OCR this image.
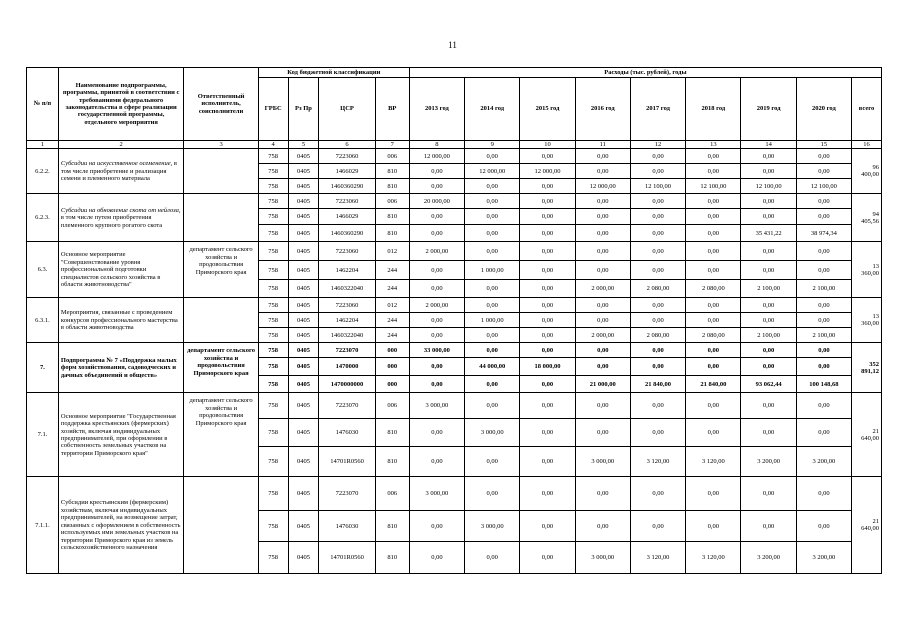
11
№ п/п	Наименование подпрограммы, программы, принятой в соответствии с требованиями федерального законодательства в сфере реализации государственной программы, отдельного мероприятия	Ответственный исполнитель, соисполнители	Код бюджетной классификации				Расходы (тыс. рублей), годы								
			ГРБС	Рз Пр	ЦСР	ВР	2013 год	2014 год	2015 год	2016 год	2017 год	2018 год	2019 год	2020 год	всего
1	2	3	4	5	6	7	8	9	10	11	12	13	14	15	16
6.2.2.	Субсидии на искусственное осеменение, в том числе приобретение и реализация семени и племенного материала		758	0405	7223060	006	12 000,00	0,00	0,00	0,00	0,00	0,00	0,00	0,00	96 400,00
			758	0405	1466029	810	0,00	12 000,00	12 000,00	0,00	0,00	0,00	0,00	0,00	
			758	0405	1460360290	810	0,00	0,00	0,00	12 000,00	12 100,00	12 100,00	12 100,00	12 100,00	
6.2.3.	Субсидии на обновление скота от нейлоза, в том числе путем приобретения племенного крупного рогатого скота		758	0405	7223060	006	20 000,00	0,00	0,00	0,00	0,00	0,00	0,00	0,00	94 405,56
			758	0405	1466029	810	0,00	0,00	0,00	0,00	0,00	0,00	0,00	0,00	
			758	0405	1460360290	810	0,00	0,00	0,00	0,00	0,00	0,00	35 431,22	38 974,34	
6.3.	Основное мероприятие "Совершенствование уровня профессиональной подготовки специалистов сельского хозяйства в области животноводства"	департамент сельского хозяйства и продовольствия Приморского края	758	0405	7223060	012	2 000,00	0,00	0,00	0,00	0,00	0,00	0,00	0,00	13 360,00
			758	0405	1462204	244	0,00	1 000,00	0,00	0,00	0,00	0,00	0,00	0,00	
			758	0405	1460322040	244	0,00	0,00	0,00	2 000,00	2 080,00	2 080,00	2 100,00	2 100,00	
6.3.1.	Мероприятия, связанные с проведением конкурсов профессионального мастерства в области животноводства		758	0405	7223060	012	2 000,00	0,00	0,00	0,00	0,00	0,00	0,00	0,00	13 360,00
			758	0405	1462204	244	0,00	1 000,00	0,00	0,00	0,00	0,00	0,00	0,00	
			758	0405	1460322040	244	0,00	0,00	0,00	2 000,00	2 080,00	2 080,00	2 100,00	2 100,00	
7.	Подпрограмма № 7 «Поддержка малых форм хозяйствования, садоводческих и дачных объединений и обществ»	департамент сельского хозяйства и продовольствия Приморского края	758	0405	7223070	000	33 000,00	0,00	0,00	0,00	0,00	0,00	0,00	0,00	352 891,12
			758	0405	1470000	000	0,00	44 000,00	18 000,00	0,00	0,00	0,00	0,00	0,00	
			758	0405	1470000000	000	0,00	0,00	0,00	21 000,00	21 840,00	21 840,00	93 062,44	100 148,68	
7.1.	Основное мероприятие "Государственная поддержка крестьянских (фермерских) хозяйств, включая индивидуальных предпринимателей, при оформлении в собственность земельных участков на территории Приморского края"	департамент сельского хозяйства и продовольствия Приморского края	758	0405	7223070	006	3 000,00	0,00	0,00	0,00	0,00	0,00	0,00	0,00	21 640,00
			758	0405	1476030	810	0,00	3 000,00	0,00	0,00	0,00	0,00	0,00	0,00	
			758	0405	14701R0560	810	0,00	0,00	0,00	3 000,00	3 120,00	3 120,00	3 200,00	3 200,00	
7.1.1.	Субсидии крестьянским (фермерским) хозяйствам, включая индивидуальных предпринимателей, на возмещение затрат, связанных с оформлением в собственность используемых ими земельных участков на территории Приморского края из земель сельскохозяйственного назначения		758	0405	7223070	006	3 000,00	0,00	0,00	0,00	0,00	0,00	0,00	0,00	21 640,00
			758	0405	1476030	810	0,00	3 000,00	0,00	0,00	0,00	0,00	0,00	0,00	
			758	0405	14701R0560	810	0,00	0,00	0,00	3 000,00	3 120,00	3 120,00	3 200,00	3 200,00	
